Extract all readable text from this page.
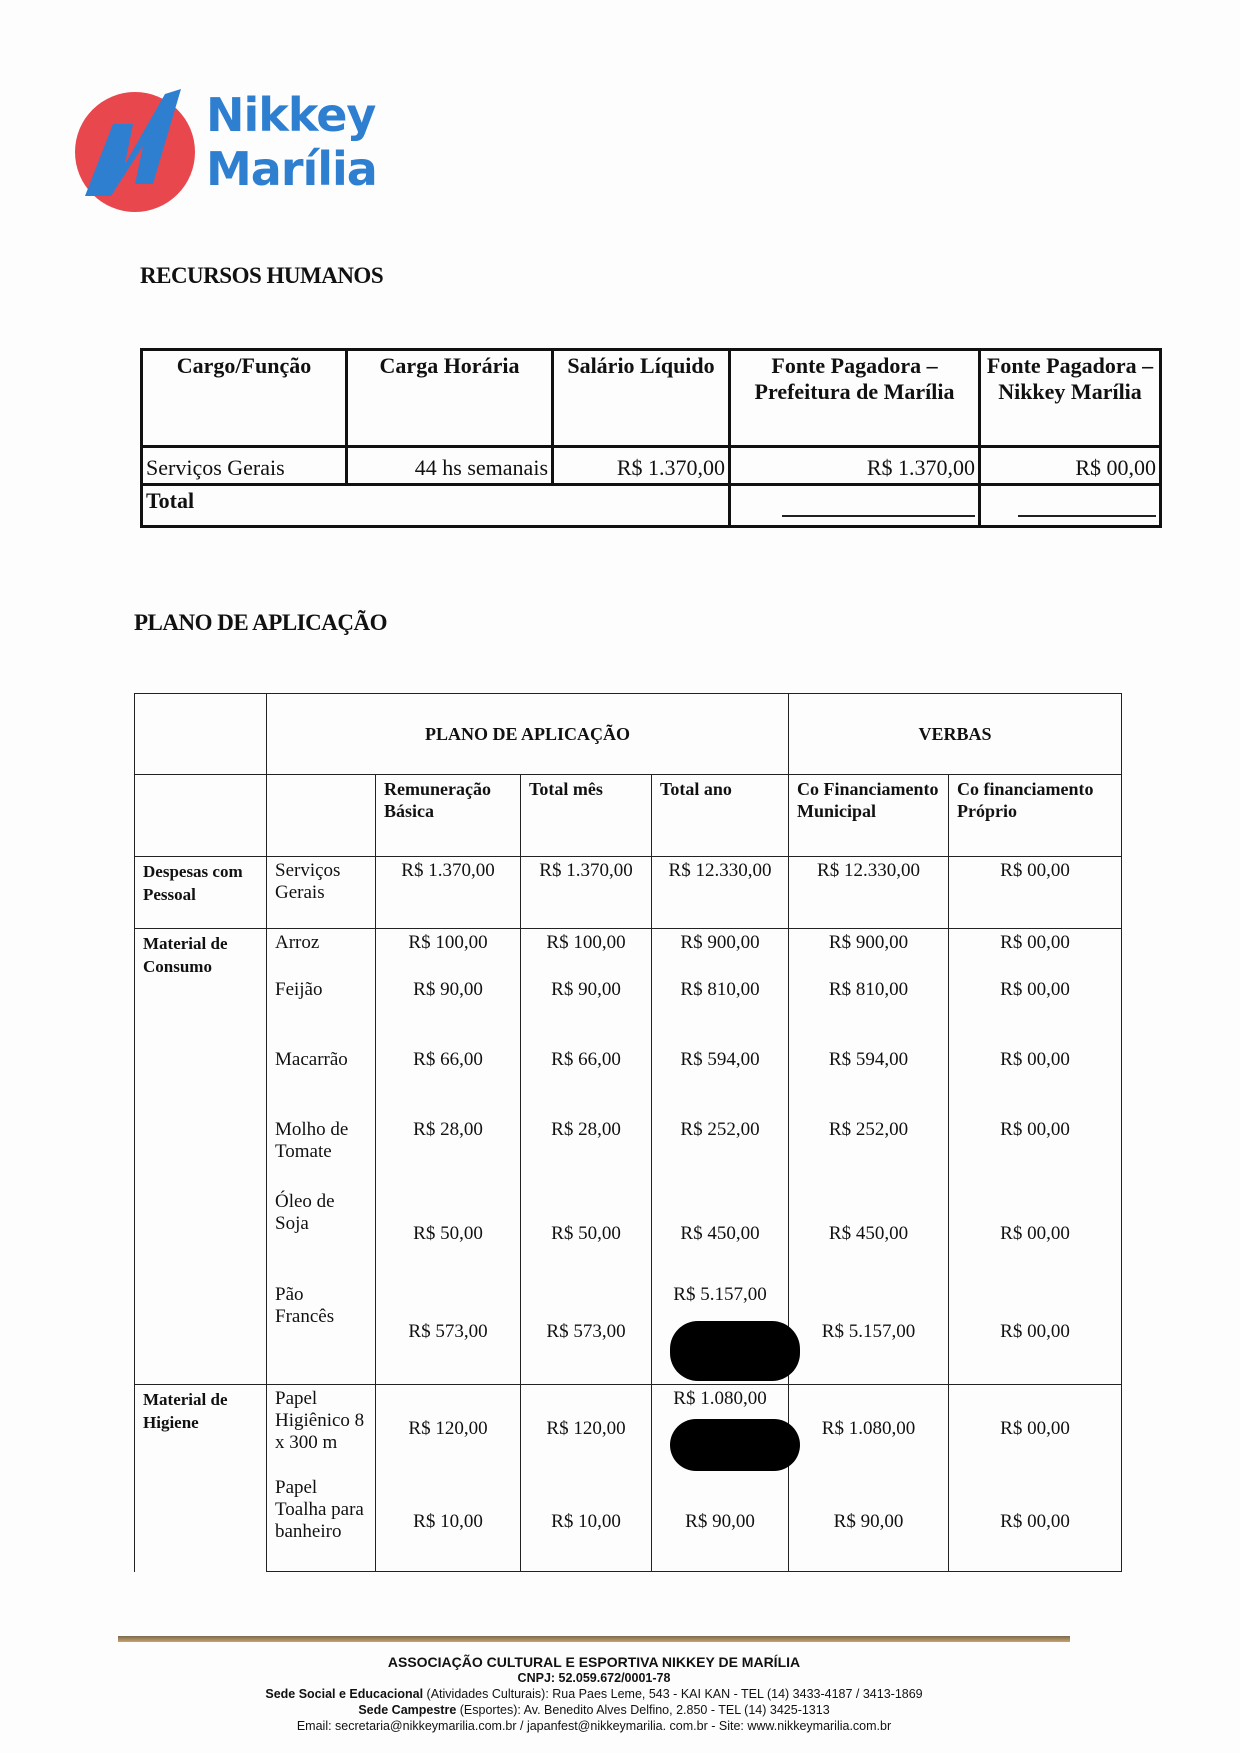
Nikkey
Marília
RECURSOS HUMANOS
Cargo/Função	Carga Horária	Salário Líquido	Fonte Pagadora – Prefeitura de Marília	Fonte Pagadora – Nikkey Marília
Serviços Gerais	44 hs semanais	R$ 1.370,00	R$ 1.370,00	R$ 00,00
Total				
PLANO DE APLICAÇÃO
	PLANO DE APLICAÇÃO				VERBAS	
		Remuneração Básica	Total mês	Total ano	Co Financiamento Municipal	Co financiamento Próprio
Despesas com Pessoal	Serviços Gerais	R$ 1.370,00	R$ 1.370,00	R$ 12.330,00	R$ 12.330,00	R$ 00,00
Material de Consumo	Arroz	R$ 100,00	R$ 100,00	R$ 900,00	R$ 900,00	R$ 00,00
	Feijão	R$ 90,00	R$ 90,00	R$ 810,00	R$ 810,00	R$ 00,00
	Macarrão	R$ 66,00	R$ 66,00	R$ 594,00	R$ 594,00	R$ 00,00
	Molho de Tomate	R$ 28,00	R$ 28,00	R$ 252,00	R$ 252,00	R$ 00,00
	Óleo de Soja	R$ 50,00	R$ 50,00	R$ 450,00	R$ 450,00	R$ 00,00
	Pão Francês	R$ 573,00	R$ 573,00	R$ 5.157,00	R$ 5.157,00	R$ 00,00
Material de Higiene	Papel Higiênico 8 x 300 m	R$ 120,00	R$ 120,00	R$ 1.080,00	R$ 1.080,00	R$ 00,00
	Papel Toalha para banheiro	R$ 10,00	R$ 10,00	R$ 90,00	R$ 90,00	R$ 00,00
ASSOCIAÇÃO CULTURAL E ESPORTIVA NIKKEY DE MARÍLIA
CNPJ: 52.059.672/0001-78
Sede Social e Educacional (Atividades Culturais): Rua Paes Leme, 543 - KAI KAN - TEL (14) 3433-4187 / 3413-1869
Sede Campestre (Esportes): Av. Benedito Alves Delfino, 2.850 - TEL (14) 3425-1313
Email: secretaria@nikkeymarilia.com.br / japanfest@nikkeymarilia. com.br - Site: www.nikkeymarilia.com.br
